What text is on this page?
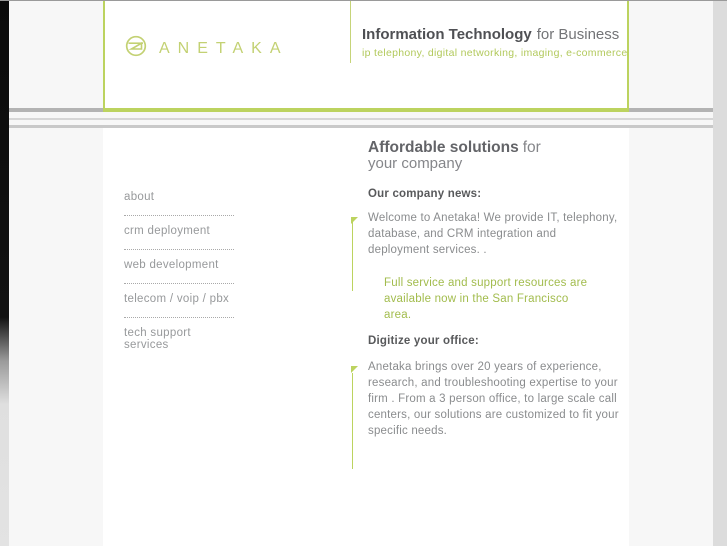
ANETAKA
Information Technology for Business
ip telephony, digital networking, imaging, e-commerce
about
crm deployment
web development
telecom / voip / pbx
tech support services
Affordable solutions for
your company
Our company news:

Welcome to Anetaka! We provide IT, telephony, database, and CRM integration and deployment services. .

Full service and support resources are available now in the San Francisco area.

Digitize your office:

Anetaka brings over 20 years of experience, research, and troubleshooting expertise to your firm . From a 3 person office, to large scale call centers, our solutions are customized to fit your specific needs.
